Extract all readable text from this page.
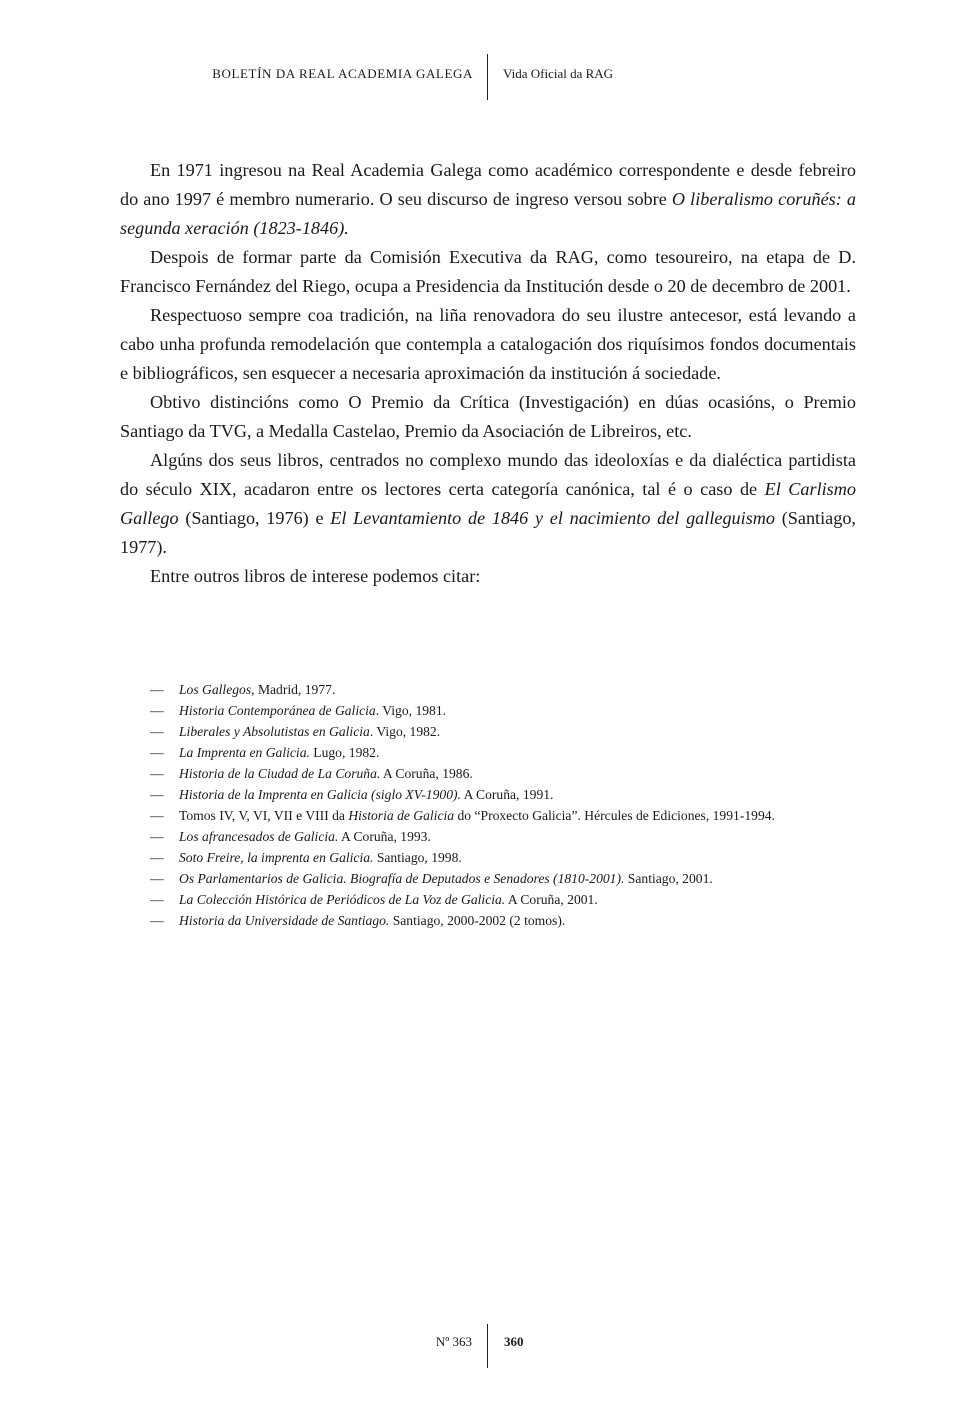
BOLETÍN DA REAL ACADEMIA GALEGA Vida Oficial da RAG

En 1971 ingresou na Real Academia Galega como académico correspondente e desde febreiro do ano 1997 é membro numerario. O seu discurso de ingreso versou sobre O liberalismo coruñés: a segunda xeración (1823-1846).

Despois de formar parte da Comisión Executiva da RAG, como tesoureiro, na etapa de D. Francisco Fernández del Riego, ocupa a Presidencia da Institución desde o 20 de decembro de 2001.

Respectuoso sempre coa tradición, na liña renovadora do seu ilustre antecesor, está levando a cabo unha profunda remodelación que contempla a catalogación dos riquísimos fondos documentais e bibliográficos, sen esquecer a necesaria aproximación da institución á sociedade.

Obtivo distincións como O Premio da Crítica (Investigación) en dúas ocasións, o Premio Santiago da TVG, a Medalla Castelao, Premio da Asociación de Libreiros, etc.

Algúns dos seus libros, centrados no complexo mundo das ideoloxías e da dialéctica partidista do século XIX, acadaron entre os lectores certa categoría canónica, tal é o caso de El Carlismo Gallego (Santiago, 1976) e El Levantamiento de 1846 y el nacimiento del galleguismo (Santiago, 1977).

Entre outros libros de interese podemos citar:

— Los Gallegos, Madrid, 1977.
— Historia Contemporánea de Galicia. Vigo, 1981.
— Liberales y Absolutistas en Galicia. Vigo, 1982.
— La Imprenta en Galicia. Lugo, 1982.
— Historia de la Ciudad de La Coruña. A Coruña, 1986.
— Historia de la Imprenta en Galicia (siglo XV-1900). A Coruña, 1991.
— Tomos IV, V, VI, VII e VIII da Historia de Galicia do “Proxecto Galicia”. Hércules de Ediciones, 1991-1994.
— Los afrancesados de Galicia. A Coruña, 1993.
— Soto Freire, la imprenta en Galicia. Santiago, 1998.
— Os Parlamentarios de Galicia. Biografía de Deputados e Senadores (1810-2001). Santiago, 2001.
— La Colección Histórica de Periódicos de La Voz de Galicia. A Coruña, 2001.
— Historia da Universidade de Santiago. Santiago, 2000-2002 (2 tomos).
Nº 363 360
